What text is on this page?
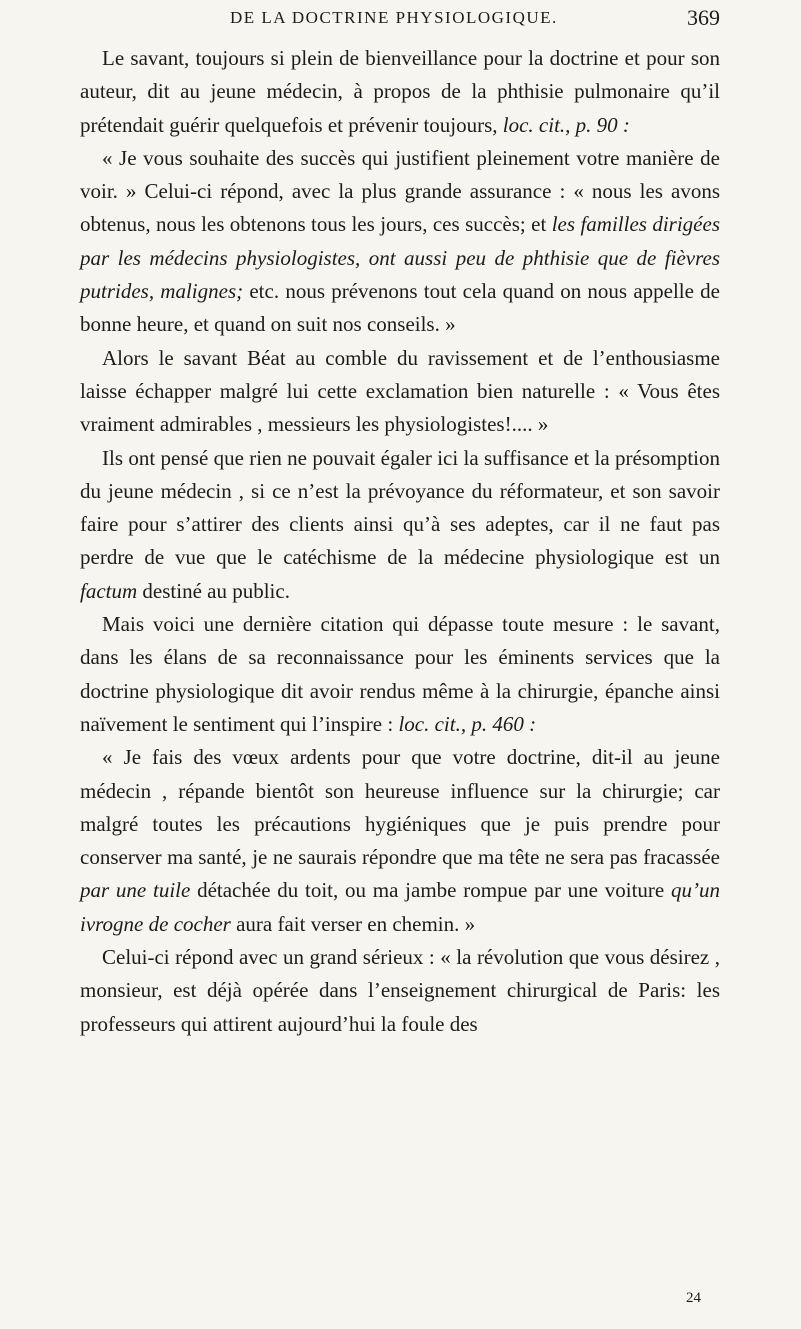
DE LA DOCTRINE PHYSIOLOGIQUE.	369

Le savant, toujours si plein de bienveillance pour la doctrine et pour son auteur, dit au jeune médecin, à propos de la phthisie pulmonaire qu’il prétendait guérir quelquefois et prévenir toujours, loc. cit., p. 90 :

« Je vous souhaite des succès qui justifient pleinement votre manière de voir. » Celui-ci répond, avec la plus grande assurance : « nous les avons obtenus, nous les obtenons tous les jours, ces succès; et les familles dirigées par les médecins physiologistes, ont aussi peu de phthisie que de fièvres putrides, malignes; etc. nous prévenons tout cela quand on nous appelle de bonne heure, et quand on suit nos conseils. »

Alors le savant Béat au comble du ravissement et de l’enthousiasme laisse échapper malgré lui cette exclamation bien naturelle : « Vous êtes vraiment admirables , messieurs les physiologistes!.... »

Ils ont pensé que rien ne pouvait égaler ici la suffisance et la présomption du jeune médecin , si ce n’est la prévoyance du réformateur, et son savoir faire pour s’attirer des clients ainsi qu’à ses adeptes, car il ne faut pas perdre de vue que le catéchisme de la médecine physiologique est un factum destiné au public.

Mais voici une dernière citation qui dépasse toute mesure : le savant, dans les élans de sa reconnaissance pour les éminents services que la doctrine physiologique dit avoir rendus même à la chirurgie, épanche ainsi naïvement le sentiment qui l’inspire : loc. cit., p. 460 :

« Je fais des vœux ardents pour que votre doctrine, dit-il au jeune médecin , répande bientôt son heureuse influence sur la chirurgie; car malgré toutes les précautions hygiéniques que je puis prendre pour conserver ma santé, je ne saurais répondre que ma tête ne sera pas fracassée par une tuile détachée du toit, ou ma jambe rompue par une voiture qu’un ivrogne de cocher aura fait verser en chemin. »

Celui-ci répond avec un grand sérieux : « la révolution que vous désirez , monsieur, est déjà opérée dans l’enseignement chirurgical de Paris: les professeurs qui attirent aujourd’hui la foule des

24
